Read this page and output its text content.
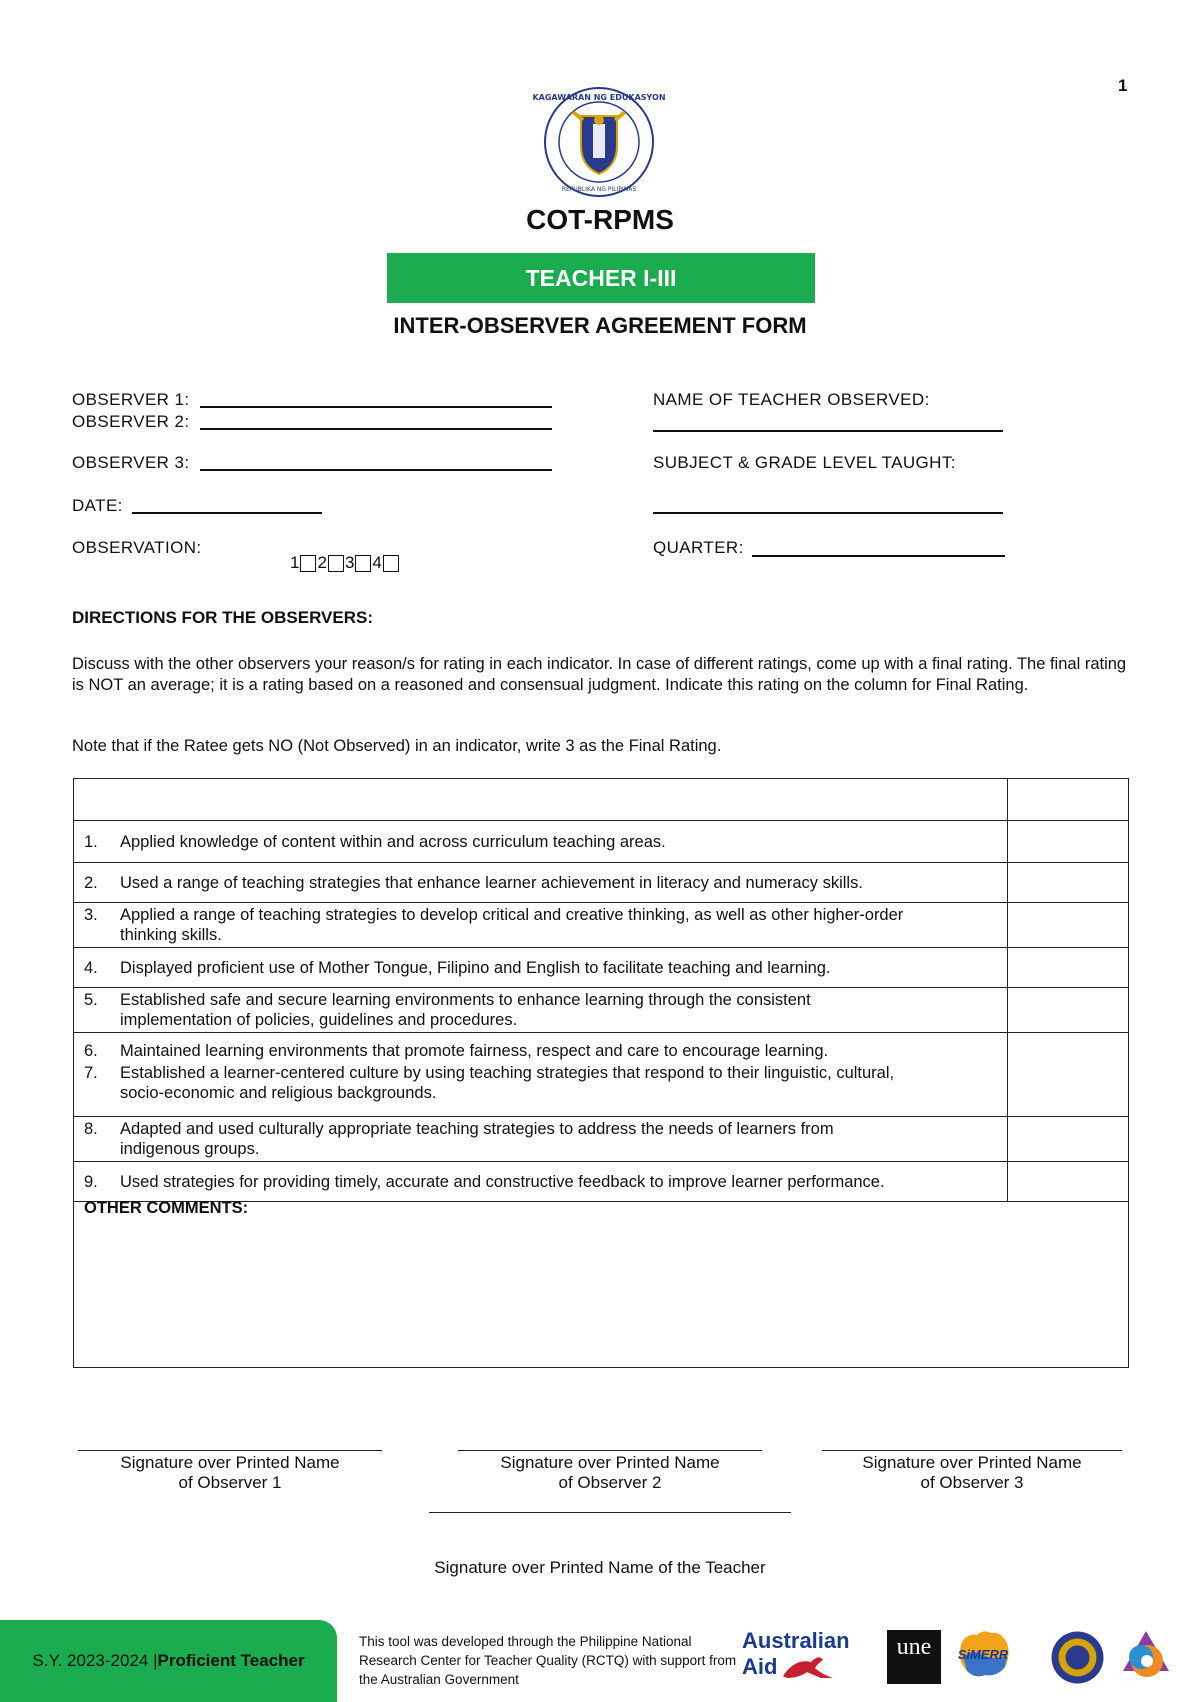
1
KAGAWARAN NG EDUKASYON
REPUBLIKA NG PILIPINAS
COT-RPMS
TEACHER I-III
INTER-OBSERVER AGREEMENT FORM
OBSERVER 1:
OBSERVER 2:
OBSERVER 3:
DATE:
OBSERVATION:
1 2 3 4
NAME OF TEACHER OBSERVED:
SUBJECT & GRADE LEVEL TAUGHT:
QUARTER:
DIRECTIONS FOR THE OBSERVERS:
Discuss with the other observers your reason/s for rating in each indicator. In case of different ratings, come up with a final rating. The final rating is NOT an average; it is a rating based on a reasoned and consensual judgment. Indicate this rating on the column for Final Rating.
Note that if the Ratee gets NO (Not Observed) in an indicator, write 3 as the Final Rating.

1. Applied knowledge of content within and across curriculum teaching areas.	

2. Used a range of teaching strategies that enhance learner achievement in literacy and numeracy skills.	

3. Applied a range of teaching strategies to develop critical and creative thinking, as well as other higher-order thinking skills.	

4. Displayed proficient use of Mother Tongue, Filipino and English to facilitate teaching and learning.	

5. Established safe and secure learning environments to enhance learning through the consistent implementation of policies, guidelines and procedures.	

6. Maintained learning environments that promote fairness, respect and care to encourage learning.
7. Established a learner-centered culture by using teaching strategies that respond to their linguistic, cultural, socio-economic and religious backgrounds.	

8. Adapted and used culturally appropriate teaching strategies to address the needs of learners from indigenous groups.	

9. Used strategies for providing timely, accurate and constructive feedback to improve learner performance.	

OTHER COMMENTS:
Signature over Printed Name
of Observer 1
Signature over Printed Name
of Observer 2
Signature over Printed Name
of Observer 3
Signature over Printed Name of the Teacher
S.Y. 2023-2024 | Proficient Teacher
This tool was developed through the Philippine National Research Center for Teacher Quality (RCTQ) with support from the Australian Government
Australian
Aid
une	SiMERR
